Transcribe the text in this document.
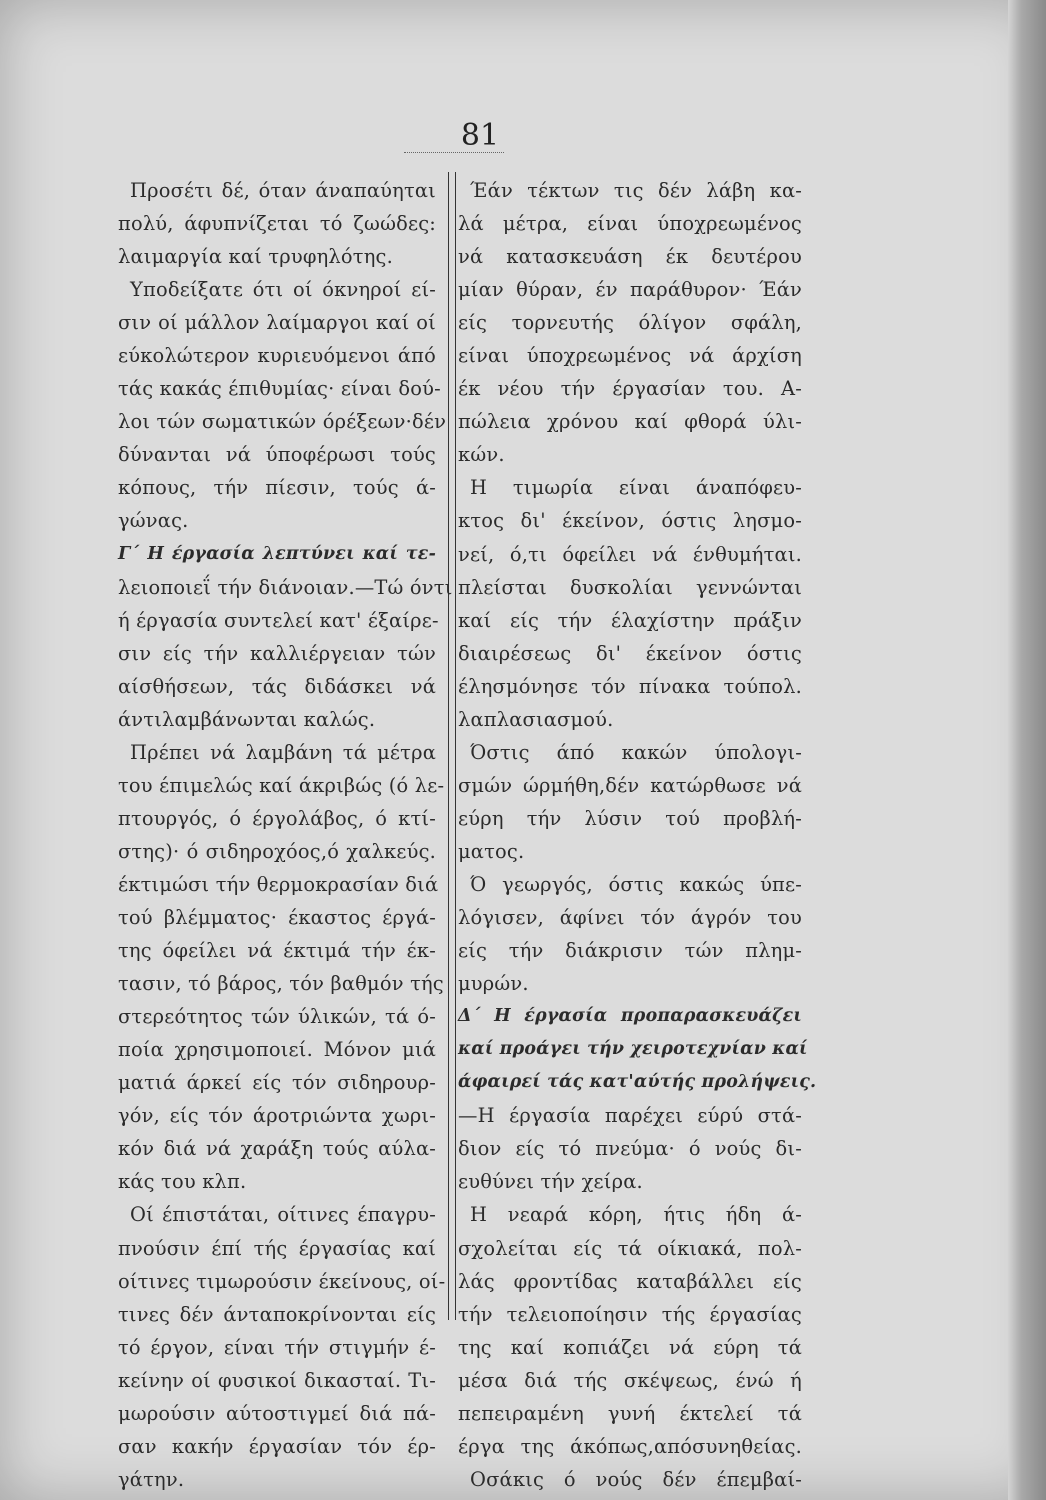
81
Προσέτι δέ, όταν άναπαύηται
πολύ, άφυπνίζεται τό ζωώδες:
λαιμαργία καί τρυφηλότης.
Υποδείξατε ότι οί όκνηροί εί-
σιν οί μάλλον λαίμαργοι καί οί
εύκολώτερον κυριευόμενοι άπό
τάς κακάς έπιθυμίας· είναι δού-
λοι τών σωματικών όρέξεων·δέν
δύνανται νά ύποφέρωσι τούς
κόπους, τήν πίεσιν, τούς ά-
γώνας.
Γ΄ Η έργασία λεπτύνει καί τε-
λειοποιεΐ τήν διάνοιαν.—Τώ όντι
ή έργασία συντελεί κατ' έξαίρε-
σιν είς τήν καλλιέργειαν τών
αίσθήσεων, τάς διδάσκει νά
άντιλαμβάνωνται καλώς.
Πρέπει νά λαμβάνη τά μέτρα
του έπιμελώς καί άκριβώς (ό λε-
πτουργός, ό έργολάβος, ό κτί-
στης)· ό σιδηροχόος,ό χαλκεύς.
έκτιμώσι τήν θερμοκρασίαν διά
τού βλέμματος· έκαστος έργά-
της όφείλει νά έκτιμά τήν έκ-
τασιν, τό βάρος, τόν βαθμόν τής
στερεότητος τών ύλικών, τά ό-
ποία χρησιμοποιεί. Μόνον μιά
ματιά άρκεί είς τόν σιδηρουρ-
γόν, είς τόν άροτριώντα χωρι-
κόν διά νά χαράξη τούς αύλα-
κάς του κλπ.
Οί έπιστάται, οίτινες έπαγρυ-
πνούσιν έπί τής έργασίας καί
οίτινες τιμωρούσιν έκείνους, οί-
τινες δέν άνταποκρίνονται είς
τό έργον, είναι τήν στιγμήν έ-
κείνην οί φυσικοί δικασταί. Τι-
μωρούσιν αύτοστιγμεί διά πά-
σαν κακήν έργασίαν τόν έρ-
γάτην.
Έάν τέκτων τις δέν λάβη κα-
λά μέτρα, είναι ύποχρεωμένος
νά κατασκευάση έκ δευτέρου
μίαν θύραν, έν παράθυρον· Έάν
είς τορνευτής όλίγον σφάλη,
είναι ύποχρεωμένος νά άρχίση
έκ νέου τήν έργασίαν του. Α-
πώλεια χρόνου καί φθορά ύλι-
κών.
Η τιμωρία είναι άναπόφευ-
κτος δι' έκείνον, όστις λησμο-
νεί, ό,τι όφείλει νά ένθυμήται.
πλείσται δυσκολίαι γεννώνται
καί είς τήν έλαχίστην πράξιν
διαιρέσεως δι' έκείνον όστις
έλησμόνησε τόν πίνακα τούπολ.
λαπλασιασμού.
Όστις άπό κακών ύπολογι-
σμών ώρμήθη,δέν κατώρθωσε νά
εύρη τήν λύσιν τού προβλή-
ματος.
Ό γεωργός, όστις κακώς ύπε-
λόγισεν, άφίνει τόν άγρόν του
είς τήν διάκρισιν τών πλημ-
μυρών.
Δ΄ Η έργασία προπαρασκευάζει
καί προάγει τήν χειροτεχνίαν καί
άφαιρεί τάς κατ'αύτής προλήψεις.
—Η έργασία παρέχει εύρύ στά-
διον είς τό πνεύμα· ό νούς δι-
ευθύνει τήν χείρα.
Η νεαρά κόρη, ήτις ήδη ά-
σχολείται είς τά οίκιακά, πολ-
λάς φροντίδας καταβάλλει είς
τήν τελειοποίησιν τής έργασίας
της καί κοπιάζει νά εύρη τά
μέσα διά τής σκέψεως, ένώ ή
πεπειραμένη γυνή έκτελεί τά
έργα της άκόπως,απόσυνηθείας.
Οσάκις ό νούς δέν έπεμβαί-
